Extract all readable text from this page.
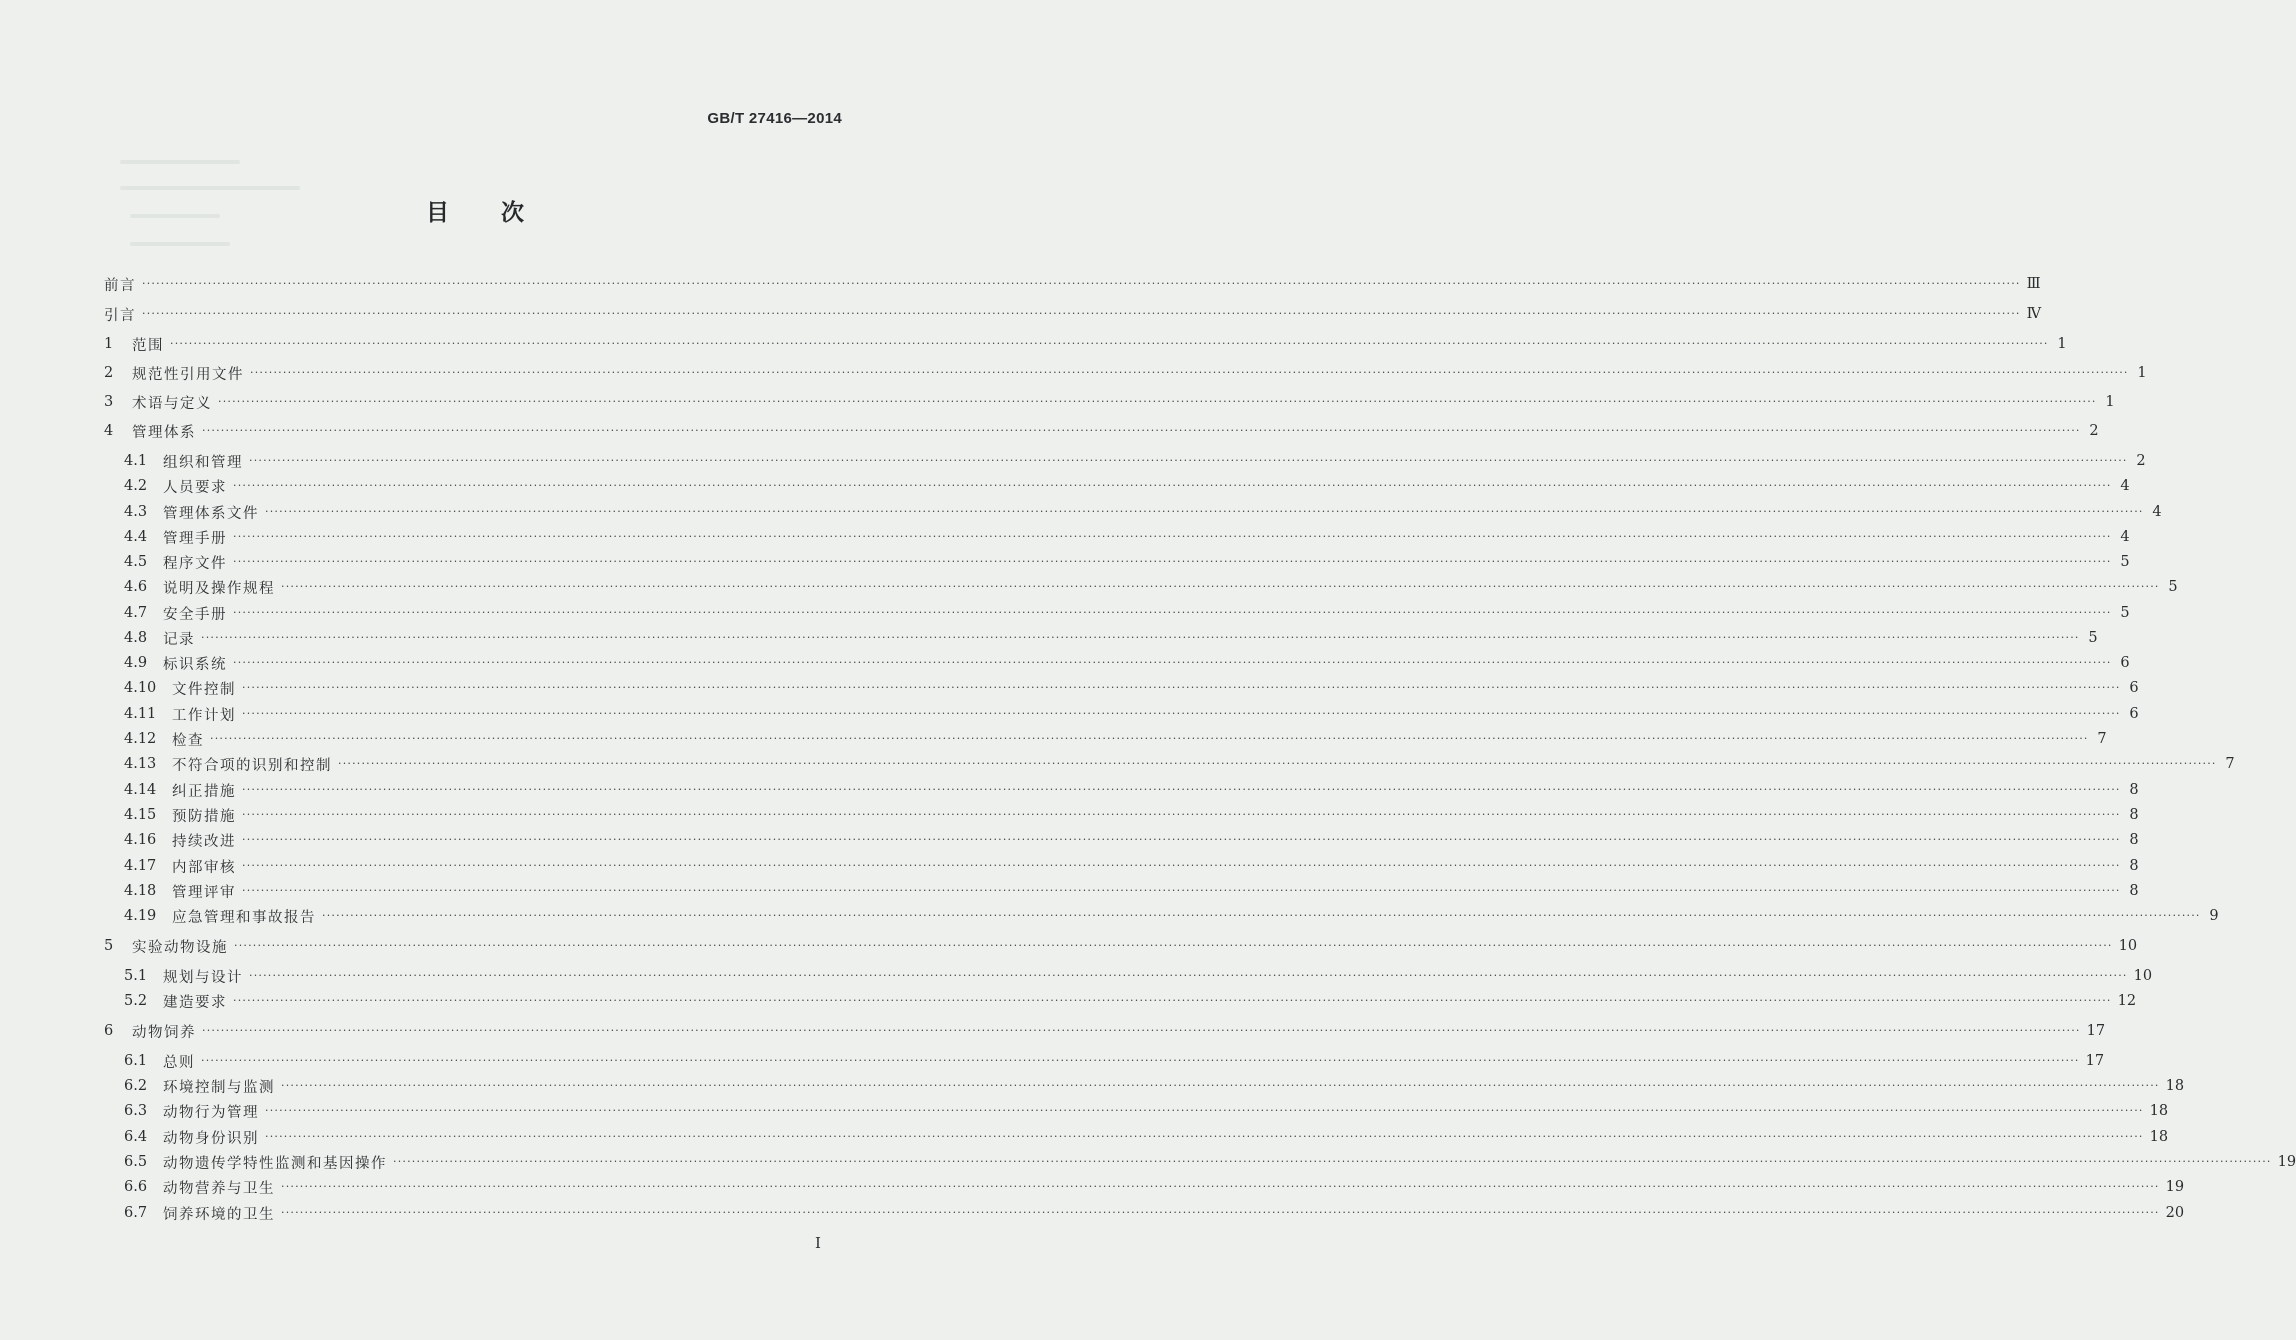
GB/T 27416—2014
目次
前言 ················································································································································································································································································································································································································ Ⅲ
引言 ················································································································································································································································································································································································································ Ⅳ
1	范围 ················································································································································································································································································································································································································ 1
2	规范性引用文件 ················································································································································································································································································································································································································ 1
3	术语与定义 ················································································································································································································································································································································································································ 1
4	管理体系 ················································································································································································································································································································································································································ 2
4.1	组织和管理 ················································································································································································································································································································································································································ 2
4.2	人员要求 ················································································································································································································································································································································································································ 4
4.3	管理体系文件 ················································································································································································································································································································································································································ 4
4.4	管理手册 ················································································································································································································································································································································································································ 4
4.5	程序文件 ················································································································································································································································································································································································································ 5
4.6	说明及操作规程 ················································································································································································································································································································································································································ 5
4.7	安全手册 ················································································································································································································································································································································································································ 5
4.8	记录 ················································································································································································································································································································································································································ 5
4.9	标识系统 ················································································································································································································································································································································································································ 6
4.10	文件控制 ················································································································································································································································································································································································································ 6
4.11	工作计划 ················································································································································································································································································································································································································ 6
4.12	检查 ················································································································································································································································································································································································································ 7
4.13	不符合项的识别和控制 ················································································································································································································································································································································································································ 7
4.14	纠正措施 ················································································································································································································································································································································································································ 8
4.15	预防措施 ················································································································································································································································································································································································································ 8
4.16	持续改进 ················································································································································································································································································································································································································ 8
4.17	内部审核 ················································································································································································································································································································································································································ 8
4.18	管理评审 ················································································································································································································································································································································································································ 8
4.19	应急管理和事故报告 ················································································································································································································································································································································································································ 9
5	实验动物设施 ················································································································································································································································································································································································································ 10
5.1	规划与设计 ················································································································································································································································································································································································································ 10
5.2	建造要求 ················································································································································································································································································································································································································ 12
6	动物饲养 ················································································································································································································································································································································································································ 17
6.1	总则 ················································································································································································································································································································································································································ 17
6.2	环境控制与监测 ················································································································································································································································································································································································································ 18
6.3	动物行为管理 ················································································································································································································································································································································································································ 18
6.4	动物身份识别 ················································································································································································································································································································································································································ 18
6.5	动物遗传学特性监测和基因操作 ················································································································································································································································································································································································································ 19
6.6	动物营养与卫生 ················································································································································································································································································································································································································ 19
6.7	饲养环境的卫生 ················································································································································································································································································································································································································ 20
I
